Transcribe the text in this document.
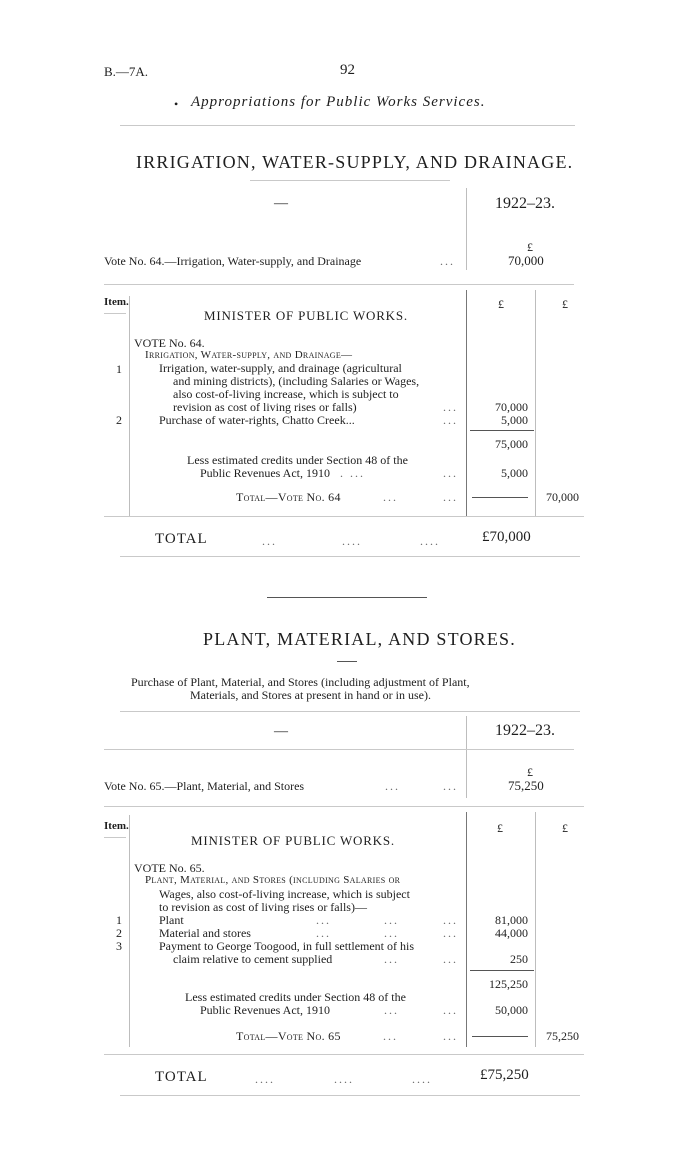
B.—7A.	92
• Appropriations for Public Works Services.
IRRIGATION, WATER-SUPPLY, AND DRAINAGE.
—	1922–23.
£
Vote No. 64.—Irrigation, Water-supply, and Drainage	...	70,000
Item.	£	£
MINISTER OF PUBLIC WORKS.
VOTE No. 64.
Irrigation, Water-supply, and Drainage—
1	Irrigation, water-supply, and drainage (agricultural
and mining districts), (including Salaries or Wages,
also cost-of-living increase, which is subject to
revision as cost of living rises or falls)	...	70,000
2	Purchase of water-rights, Chatto Creek...	...	5,000
75,000
Less estimated credits under Section 48 of the
Public Revenues Act, 1910 . ...	...	5,000
Total—Vote No. 64	...	...	70,000
TOTAL	...	....	....	£70,000
PLANT, MATERIAL, AND STORES.
Purchase of Plant, Material, and Stores (including adjustment of Plant,
Materials, and Stores at present in hand or in use).
—	1922–23.
£
Vote No. 65.—Plant, Material, and Stores	...	...	75,250
Item.	£	£
MINISTER OF PUBLIC WORKS.
VOTE No. 65.
Plant, Material, and Stores (including Salaries or
Wages, also cost-of-living increase, which is subject
to revision as cost of living rises or falls)—
1	Plant	...	...	...	81,000
2	Material and stores	...	...	...	44,000
3	Payment to George Toogood, in full settlement of his
claim relative to cement supplied	...	...	250
125,250
Less estimated credits under Section 48 of the
Public Revenues Act, 1910	...	...	50,000
Total—Vote No. 65	...	...	75,250
TOTAL	....	....	....	£75,250
